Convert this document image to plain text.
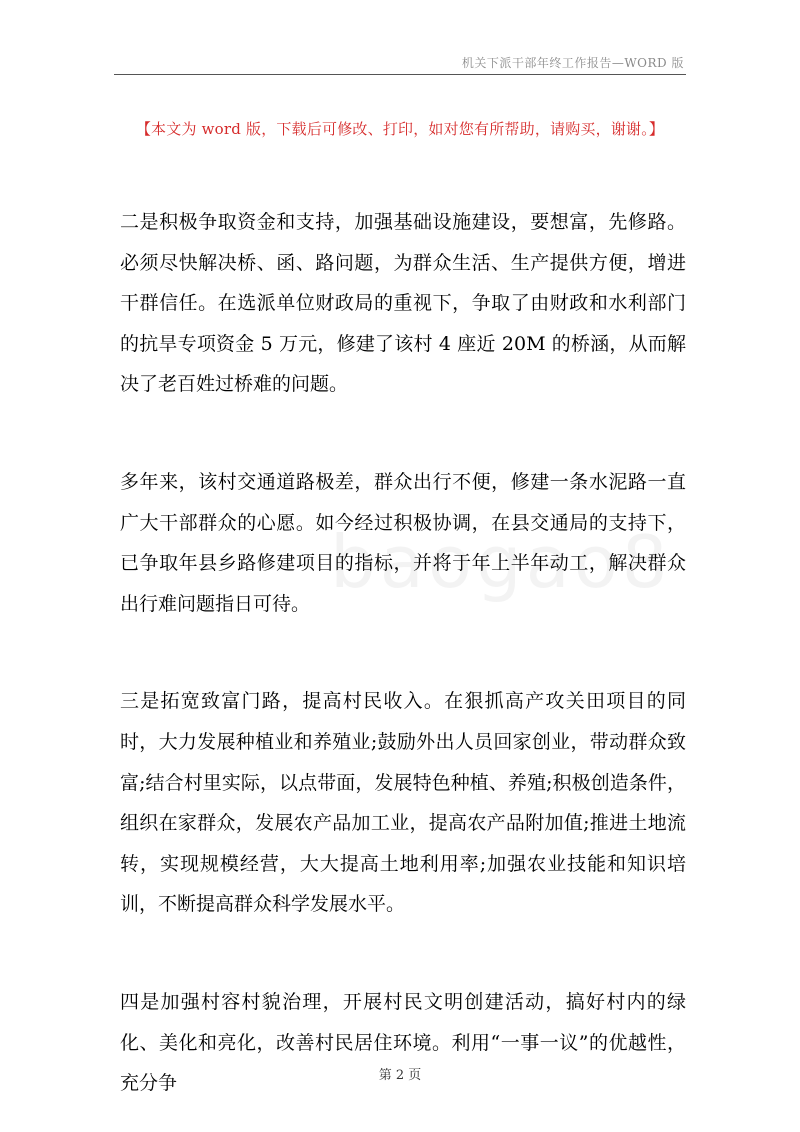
机关下派干部年终工作报告—WORD 版
【本文为 word 版，下载后可修改、打印，如对您有所帮助，请购买，谢谢。】

二是积极争取资金和支持，加强基础设施建设，要想富，先修路。必须尽快解决桥、函、路问题，为群众生活、生产提供方便，增进干群信任。在选派单位财政局的重视下，争取了由财政和水利部门的抗旱专项资金 5 万元，修建了该村 4 座近 20M 的桥涵，从而解决了老百姓过桥难的问题。

多年来，该村交通道路极差，群众出行不便，修建一条水泥路一直广大干部群众的心愿。如今经过积极协调，在县交通局的支持下，已争取年县乡路修建项目的指标，并将于年上半年动工，解决群众出行难问题指日可待。

三是拓宽致富门路，提高村民收入。在狠抓高产攻关田项目的同时，大力发展种植业和养殖业;鼓励外出人员回家创业，带动群众致富;结合村里实际，以点带面，发展特色种植、养殖;积极创造条件，组织在家群众，发展农产品加工业，提高农产品附加值;推进土地流转，实现规模经营，大大提高土地利用率;加强农业技能和知识培训，不断提高群众科学发展水平。

四是加强村容村貌治理，开展村民文明创建活动，搞好村内的绿化、美化和亮化，改善村民居住环境。利用“一事一议”的优越性，充分争	第 2 页
